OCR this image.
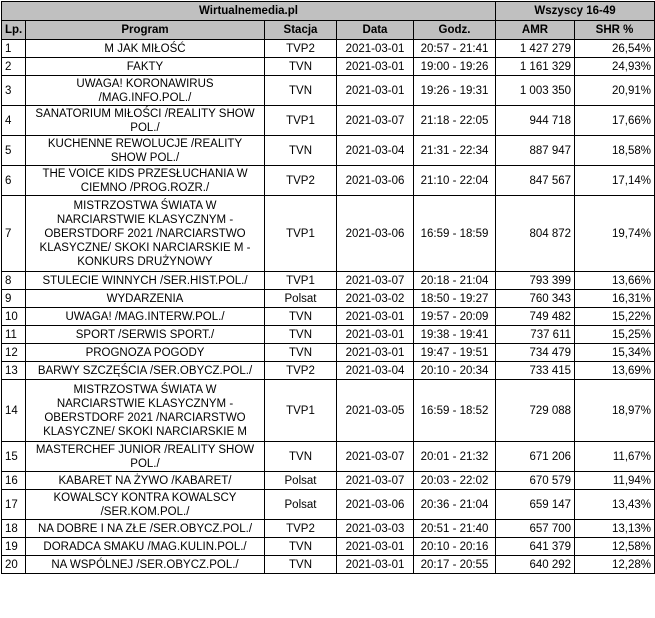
Wirtualnemedia.pl					Wszyscy 16-49	
Lp.	Program	Stacja	Data	Godz.	AMR	SHR %
1	M JAK MIŁOŚĆ	TVP2	2021-03-01	20:57 - 21:41	1 427 279	26,54%
2	FAKTY	TVN	2021-03-01	19:00 - 19:26	1 161 329	24,93%
3	UWAGA! KORONAWIRUS /MAG.INFO.POL./	TVN	2021-03-01	19:26 - 19:31	1 003 350	20,91%
4	SANATORIUM MIŁOŚCI /REALITY SHOW POL./	TVP1	2021-03-07	21:18 - 22:05	944 718	17,66%
5	KUCHENNE REWOLUCJE /REALITY SHOW POL./	TVN	2021-03-04	21:31 - 22:34	887 947	18,58%
6	THE VOICE KIDS PRZESŁUCHANIA W CIEMNO /PROG.ROZR./	TVP2	2021-03-06	21:10 - 22:04	847 567	17,14%
7	MISTRZOSTWA ŚWIATA W NARCIARSTWIE KLASYCZNYM - OBERSTDORF 2021 /NARCIARSTWO KLASYCZNE/ SKOKI NARCIARSKIE M - KONKURS DRUŻYNOWY	TVP1	2021-03-06	16:59 - 18:59	804 872	19,74%
8	STULECIE WINNYCH /SER.HIST.POL./	TVP1	2021-03-07	20:18 - 21:04	793 399	13,66%
9	WYDARZENIA	Polsat	2021-03-02	18:50 - 19:27	760 343	16,31%
10	UWAGA! /MAG.INTERW.POL./	TVN	2021-03-01	19:57 - 20:09	749 482	15,22%
11	SPORT /SERWIS SPORT./	TVN	2021-03-01	19:38 - 19:41	737 611	15,25%
12	PROGNOZA POGODY	TVN	2021-03-01	19:47 - 19:51	734 479	15,34%
13	BARWY SZCZĘŚCIA /SER.OBYCZ.POL./	TVP2	2021-03-04	20:10 - 20:34	733 415	13,69%
14	MISTRZOSTWA ŚWIATA W NARCIARSTWIE KLASYCZNYM - OBERSTDORF 2021 /NARCIARSTWO KLASYCZNE/ SKOKI NARCIARSKIE M	TVP1	2021-03-05	16:59 - 18:52	729 088	18,97%
15	MASTERCHEF JUNIOR /REALITY SHOW POL./	TVN	2021-03-07	20:01 - 21:32	671 206	11,67%
16	KABARET NA ŻYWO /KABARET/	Polsat	2021-03-07	20:03 - 22:02	670 579	11,94%
17	KOWALSCY KONTRA KOWALSCY /SER.KOM.POL./	Polsat	2021-03-06	20:36 - 21:04	659 147	13,43%
18	NA DOBRE I NA ZŁE /SER.OBYCZ.POL./	TVP2	2021-03-03	20:51 - 21:40	657 700	13,13%
19	DORADCA SMAKU /MAG.KULIN.POL./	TVN	2021-03-01	20:10 - 20:16	641 379	12,58%
20	NA WSPÓLNEJ /SER.OBYCZ.POL./	TVN	2021-03-01	20:17 - 20:55	640 292	12,28%
